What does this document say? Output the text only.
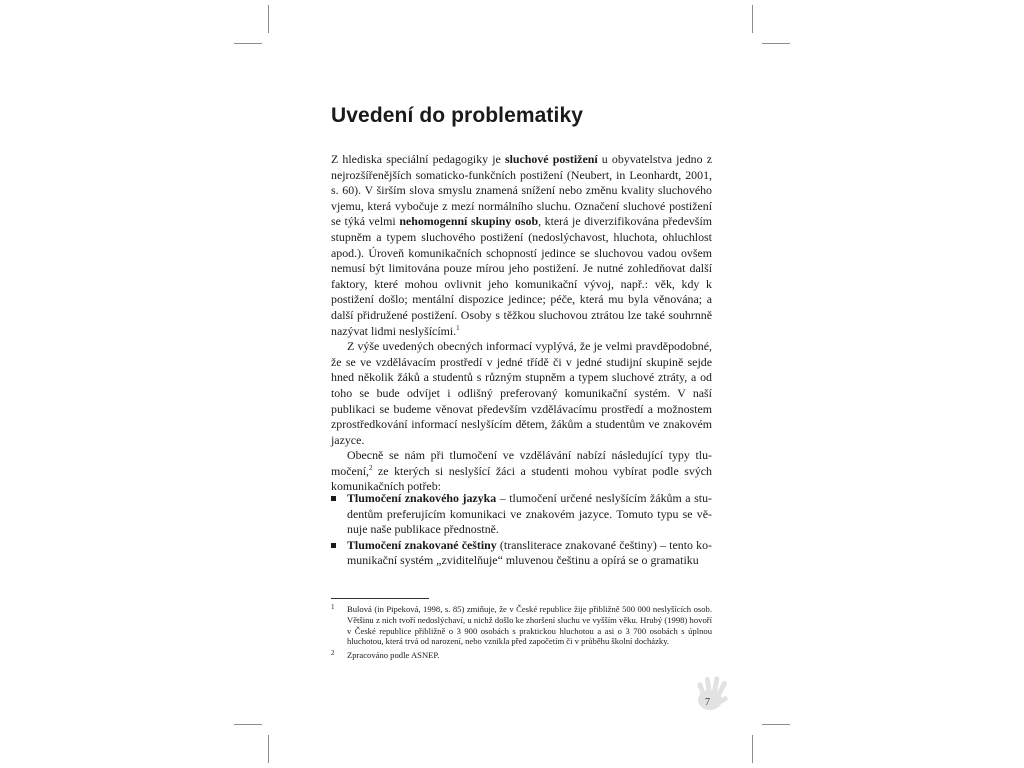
Uvedení do problematiky

Z hlediska speciální pedagogiky je sluchové postižení u obyvatelstva jedno z nejrozšířenějších somaticko-funkčních postižení (Neubert, in Leonhardt, 2001, s. 60). V širším slova smyslu znamená snížení nebo změnu kvality sluchového vjemu, která vybočuje z mezí normálního sluchu. Označení sluchové postižení se týká velmi nehomogenní skupiny osob, která je diverzifikována především stupněm a typem sluchového postižení (nedoslýchavost, hluchota, ohluchlost apod.). Úroveň komunikačních schopností jedince se sluchovou vadou ovšem nemusí být limitována pouze mírou jeho postižení. Je nutné zohledňovat další faktory, které mohou ovlivnit jeho komunikační vývoj, např.: věk, kdy k postižení došlo; mentální dispozice jedince; péče, která mu byla věnována; a další přidružené postižení. Osoby s těžkou sluchovou ztrátou lze také souhrnně nazývat lidmi neslyšícími.$^1$

Z výše uvedených obecných informací vyplývá, že je velmi pravděpodobné, že se ve vzdělávacím prostředí v jedné třídě či v jedné studijní skupině sejde hned několik žáků a studentů s různým stupněm a typem sluchové ztráty, a od toho se bude odvíjet i odlišný preferovaný komunikační systém. V naší publikaci se budeme věnovat především vzdělávacímu prostředí a možnostem zprostředkování informací neslyšícím dětem, žákům a studentům ve znakovém jazyce.

Obecně se nám při tlumočení ve vzdělávání nabízí následující typy tlumočení,$^2$ ze kterých si neslyšící žáci a studenti mohou vybírat podle svých komunikačních potřeb:

Tlumočení znakového jazyka – tlumočení určené neslyšícím žákům a studentům preferujícím komunikaci ve znakovém jazyce. Tomuto typu se věnuje naše publikace přednostně.
Tlumočení znakované češtiny (transliterace znakované češtiny) – tento komunikační systém „zviditelňuje“ mluvenou češtinu a opírá se o gramatiku
1 Bulová (in Pipeková, 1998, s. 85) zmiňuje, že v České republice žije přibližně 500 000 neslyšících osob. Většinu z nich tvoří nedoslýchaví, u nichž došlo ke zhoršení sluchu ve vyšším věku. Hrubý (1998) hovoří v České republice přibližně o 3 900 osobách s praktickou hluchotou a asi o 3 700 osobách s úplnou hluchotou, která trvá od narození, nebo vznikla před započetím či v průběhu školní docházky.
2 Zpracováno podle ASNEP.
7
